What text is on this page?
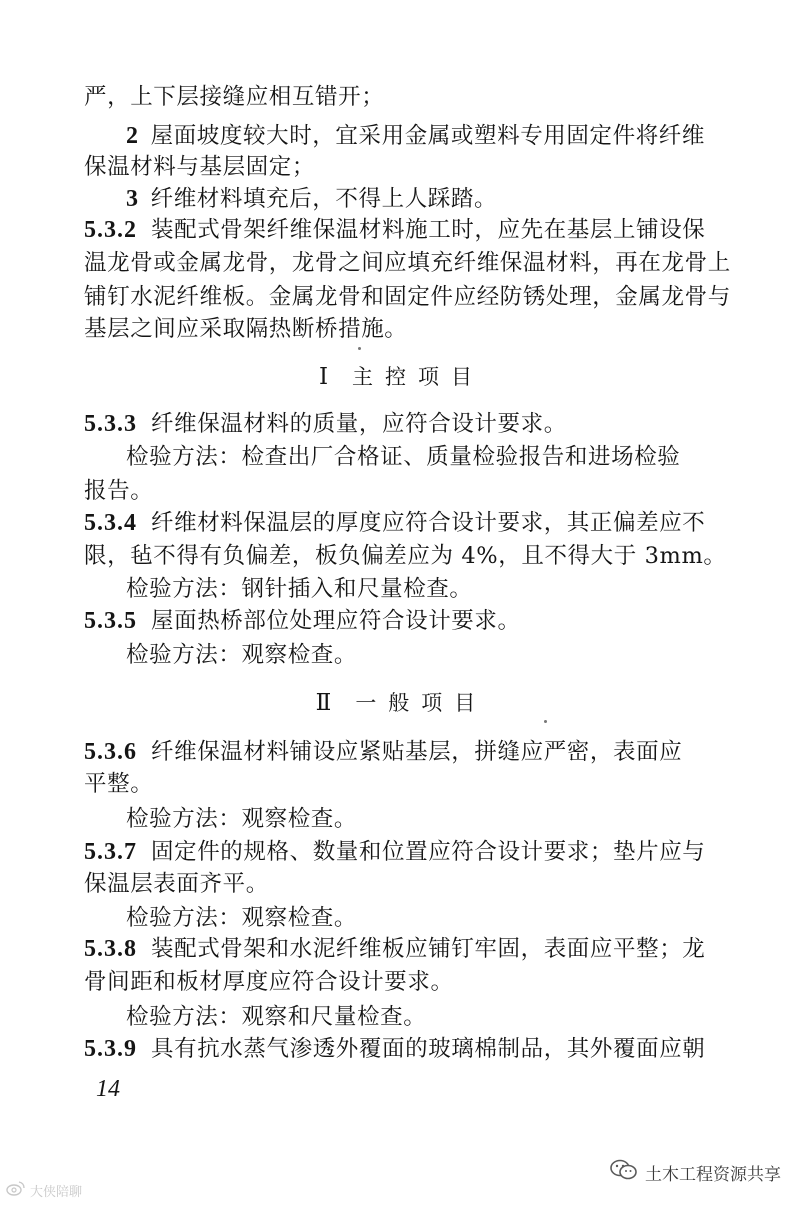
严，上下层接缝应相互错开；
2 屋面坡度较大时，宜采用金属或塑料专用固定件将纤维
保温材料与基层固定；
3 纤维材料填充后，不得上人踩踏。
5.3.2 装配式骨架纤维保温材料施工时，应先在基层上铺设保
温龙骨或金属龙骨，龙骨之间应填充纤维保温材料，再在龙骨上
铺钉水泥纤维板。金属龙骨和固定件应经防锈处理，金属龙骨与
基层之间应采取隔热断桥措施。
Ⅰ 主控项目
5.3.3 纤维保温材料的质量，应符合设计要求。
检验方法：检查出厂合格证、质量检验报告和进场检验
报告。
5.3.4 纤维材料保温层的厚度应符合设计要求，其正偏差应不
限，毡不得有负偏差，板负偏差应为 4%，且不得大于 3mm。
检验方法：钢针插入和尺量检查。
5.3.5 屋面热桥部位处理应符合设计要求。
检验方法：观察检查。
Ⅱ 一般项目
5.3.6 纤维保温材料铺设应紧贴基层，拼缝应严密，表面应
平整。
检验方法：观察检查。
5.3.7 固定件的规格、数量和位置应符合设计要求；垫片应与
保温层表面齐平。
检验方法：观察检查。
5.3.8 装配式骨架和水泥纤维板应铺钉牢固，表面应平整；龙
骨间距和板材厚度应符合设计要求。
检验方法：观察和尺量检查。
5.3.9 具有抗水蒸气渗透外覆面的玻璃棉制品，其外覆面应朝
14
土木工程资源共享
大侠陪聊
